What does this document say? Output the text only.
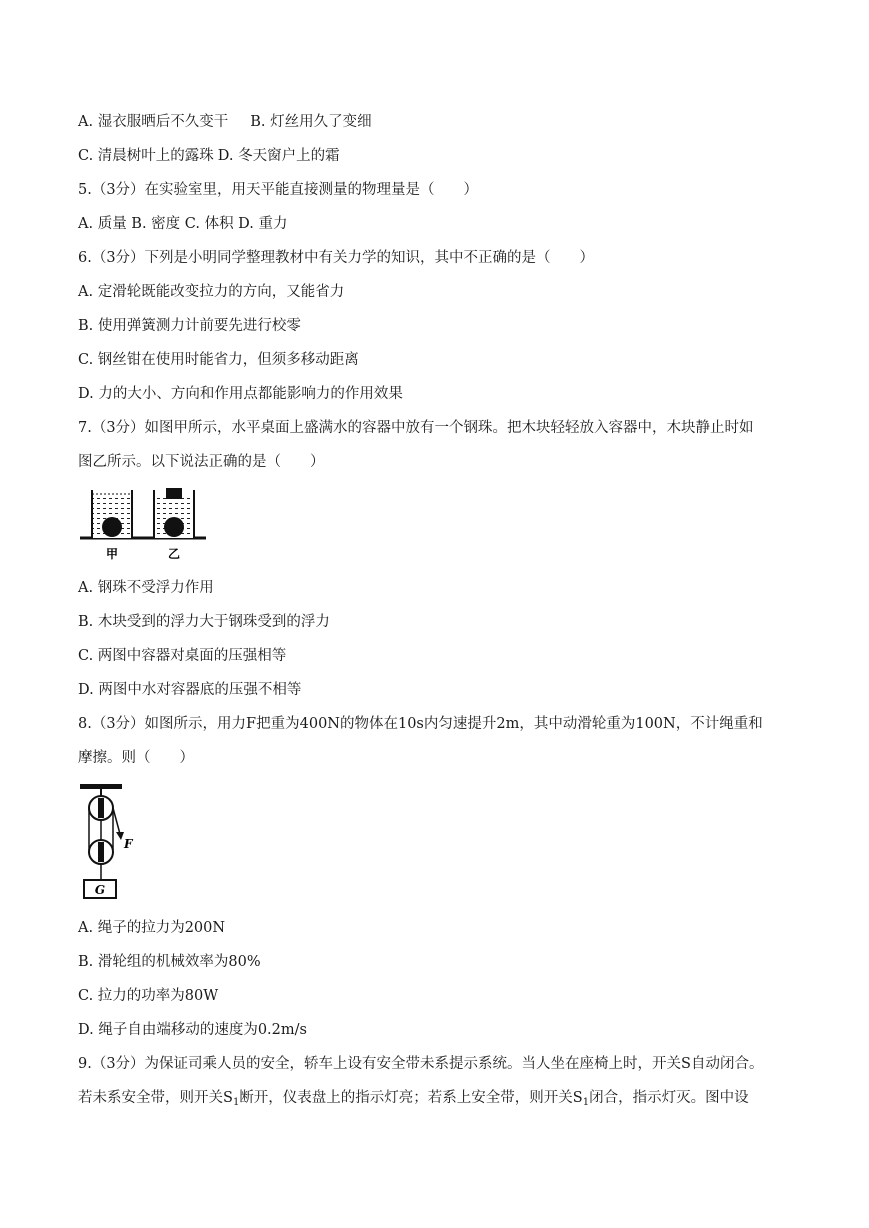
A. 湿衣服晒后不久变干 B. 灯丝用久了变细
C. 清晨树叶上的露珠 D. 冬天窗户上的霜
5.（3分）在实验室里，用天平能直接测量的物理量是（　　）
A. 质量 B. 密度 C. 体积 D. 重力
6.（3分）下列是小明同学整理教材中有关力学的知识，其中不正确的是（　　）
A. 定滑轮既能改变拉力的方向，又能省力
B. 使用弹簧测力计前要先进行校零
C. 钢丝钳在使用时能省力，但须多移动距离
D. 力的大小、方向和作用点都能影响力的作用效果
7.（3分）如图甲所示，水平桌面上盛满水的容器中放有一个钢珠。把木块轻轻放入容器中，木块静止时如
图乙所示。以下说法正确的是（　　）
甲	乙
A. 钢珠不受浮力作用
B. 木块受到的浮力大于钢珠受到的浮力
C. 两图中容器对桌面的压强相等
D. 两图中水对容器底的压强不相等
8.（3分）如图所示，用力F把重为400N的物体在10s内匀速提升2m，其中动滑轮重为100N，不计绳重和
摩擦。则（　　）
F
G
A. 绳子的拉力为200N
B. 滑轮组的机械效率为80%
C. 拉力的功率为80W
D. 绳子自由端移动的速度为0.2m/s
9.（3分）为保证司乘人员的安全，轿车上设有安全带未系提示系统。当人坐在座椅上时，开关S自动闭合。
若未系安全带，则开关$S_1$断开，仪表盘上的指示灯亮；若系上安全带，则开关$S_1$闭合，指示灯灭。图中设
